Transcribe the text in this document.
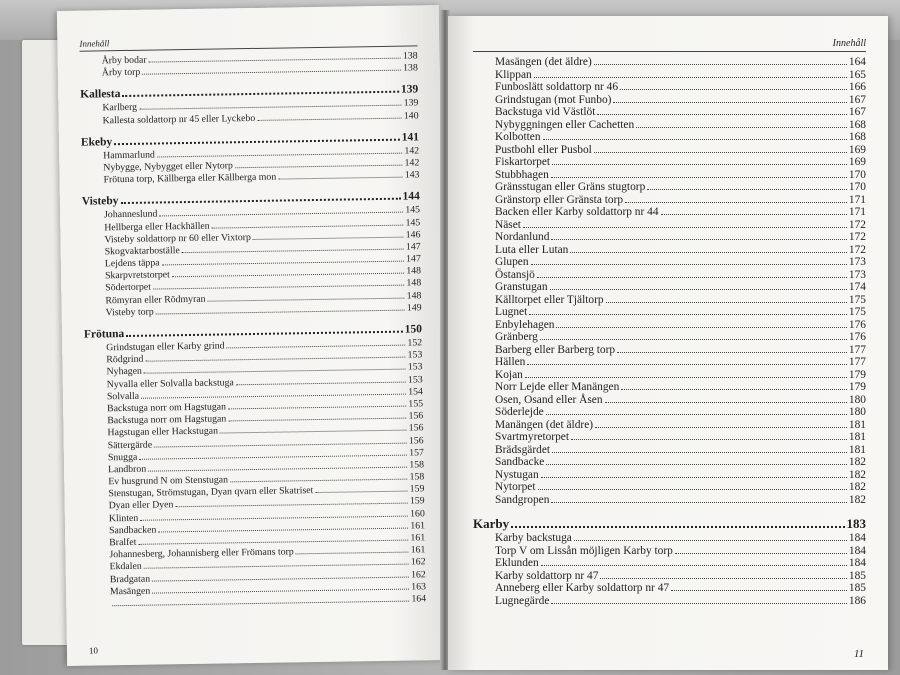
Innehåll
Årby bodar	138
Årby torp	138
Kallesta	139
Karlberg	139
Kallesta soldattorp nr 45 eller Lyckebo	140
Ekeby	141
Hammarlund	142
Nybygge, Nybygget eller Nytorp	142
Frötuna torp, Källberga eller Källberga mon	143
Visteby	144
Johanneslund	145
Hellberga eller Hackhällen	145
Visteby soldattorp nr 60 eller Vixtorp	146
Skogvaktarboställe	147
Lejdens täppa	147
Skarpvretstorpet	148
Södertorpet	148
Römyran eller Rödmyran	148
Visteby torp	149
Frötuna	150
Grindstugan eller Karby grind	152
Rödgrind	153
Nyhagen	153
Nyvalla eller Solvalla backstuga	153
Solvalla	154
Backstuga norr om Hagstugan	155
Backstuga norr om Hagstugan	156
Hagstugan eller Hackstugan	156
Sättergärde	156
Snugga	157
Landbron	158
Ev husgrund N om Stenstugan	158
Stenstugan, Strömstugan, Dyan qvarn eller Skatriset	159
Dyan eller Dyen	159
Klinten	160
Sandbacken	161
Bralfet	161
Johannesberg, Johannisberg eller Frömans torp	161
Ekdalen	162
Bradgatan	162
Masängen	163
164
10
Innehåll
Masängen (det äldre)	164
Klippan	165
Funboslätt soldattorp nr 46	166
Grindstugan (mot Funbo)	167
Backstuga vid Västlöt	167
Nybyggningen eller Cachetten	168
Kolbotten	168
Pustbohl eller Pusbol	169
Fiskartorpet	169
Stubbhagen	170
Gränsstugan eller Gräns stugtorp	170
Gränstorp eller Gränsta torp	171
Backen eller Karby soldattorp nr 44	171
Näset	172
Nordanlund	172
Luta eller Lutan	172
Glupen	173
Östansjö	173
Granstugan	174
Källtorpet eller Tjältorp	175
Lugnet	175
Enbylehagen	176
Gränberg	176
Barberg eller Barberg torp	177
Hällen	177
Kojan	179
Norr Lejde eller Manängen	179
Osen, Osand eller Åsen	180
Söderlejde	180
Manängen (det äldre)	181
Svartmyretorpet	181
Brädsgärdet	181
Sandbacke	182
Nystugan	182
Nytorpet	182
Sandgropen	182
Karby	183
Karby backstuga	184
Torp V om Lissån möjligen Karby torp	184
Eklunden	184
Karby soldattorp nr 47	185
Anneberg eller Karby soldattorp nr 47	185
Lugnegärde	186
11
